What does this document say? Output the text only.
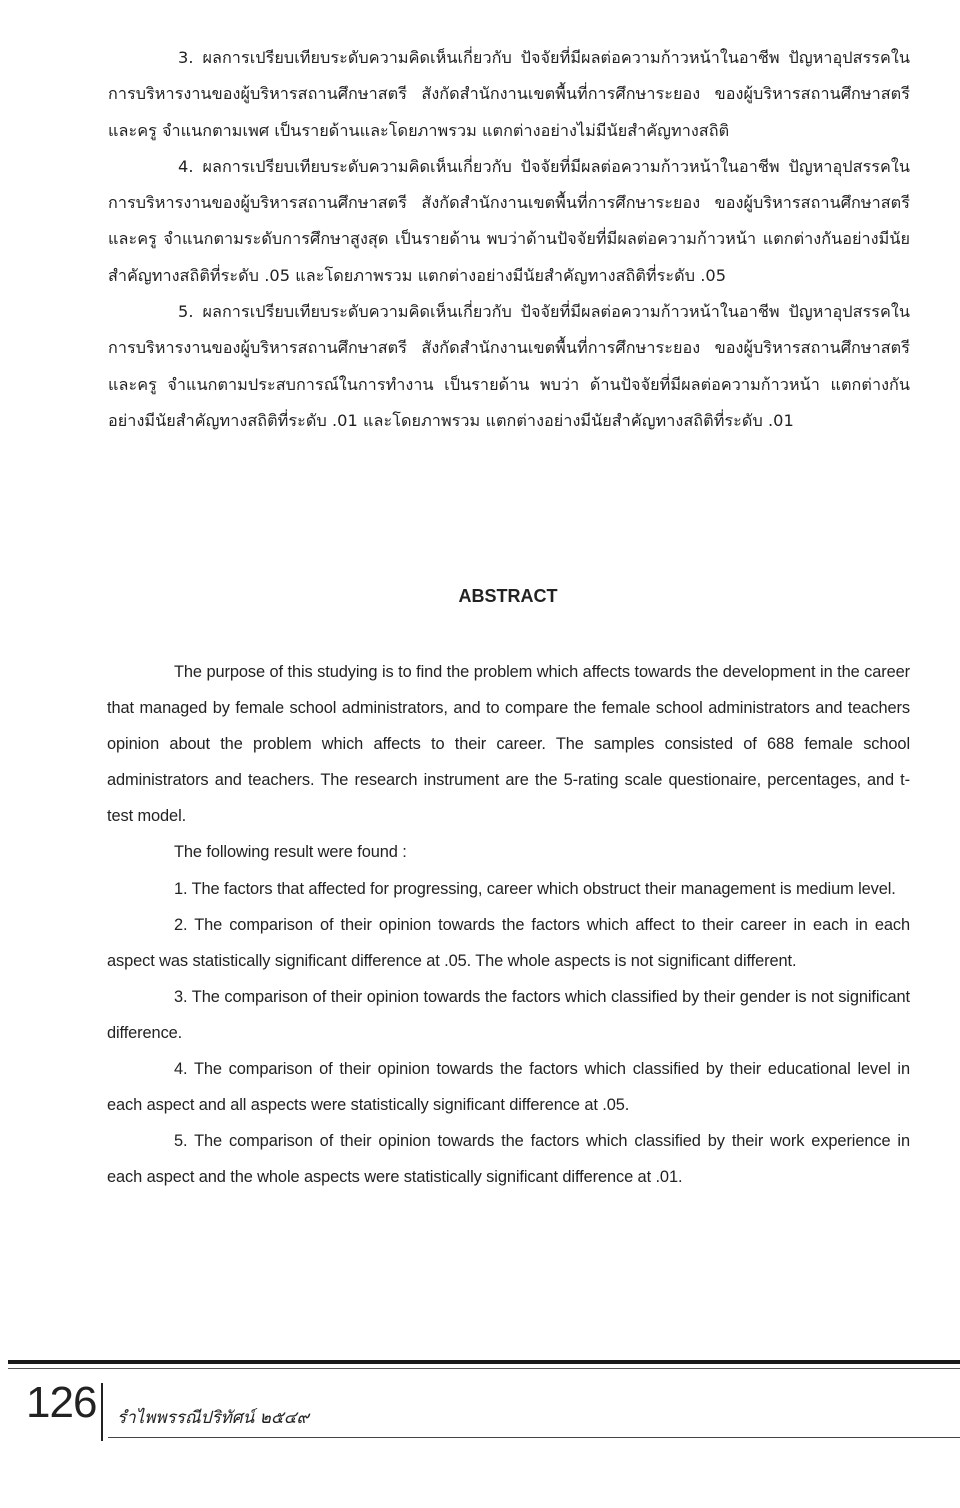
3. ผลการเปรียบเทียบระดับความคิดเห็นเกี่ยวกับ ปัจจัยที่มีผลต่อความก้าวหน้าในอาชีพ ปัญหาอุปสรรคในการบริหารงานของผู้บริหารสถานศึกษาสตรี สังกัดสำนักงานเขตพื้นที่การศึกษาระยอง ของผู้บริหารสถานศึกษาสตรีและครู จำแนกตามเพศ เป็นรายด้านและโดยภาพรวม แตกต่างอย่างไม่มีนัยสำคัญทางสถิติ

4. ผลการเปรียบเทียบระดับความคิดเห็นเกี่ยวกับ ปัจจัยที่มีผลต่อความก้าวหน้าในอาชีพ ปัญหาอุปสรรคในการบริหารงานของผู้บริหารสถานศึกษาสตรี สังกัดสำนักงานเขตพื้นที่การศึกษาระยอง ของผู้บริหารสถานศึกษาสตรี และครู จำแนกตามระดับการศึกษาสูงสุด เป็นรายด้าน พบว่าด้านปัจจัยที่มีผลต่อความก้าวหน้า แตกต่างกันอย่างมีนัยสำคัญทางสถิติที่ระดับ .05 และโดยภาพรวม แตกต่างอย่างมีนัยสำคัญทางสถิติที่ระดับ .05

5. ผลการเปรียบเทียบระดับความคิดเห็นเกี่ยวกับ ปัจจัยที่มีผลต่อความก้าวหน้าในอาชีพ ปัญหาอุปสรรคในการบริหารงานของผู้บริหารสถานศึกษาสตรี สังกัดสำนักงานเขตพื้นที่การศึกษาระยอง ของผู้บริหารสถานศึกษาสตรี และครู จำแนกตามประสบการณ์ในการทำงาน เป็นรายด้าน พบว่า ด้านปัจจัยที่มีผลต่อความก้าวหน้า แตกต่างกันอย่างมีนัยสำคัญทางสถิติที่ระดับ .01 และโดยภาพรวม แตกต่างอย่างมีนัยสำคัญทางสถิติที่ระดับ .01

ABSTRACT

The purpose of this studying is to find the problem which affects towards the development in the career that managed by female school administrators, and to compare the female school administrators and teachers opinion about the problem which affects to their career. The samples consisted of 688 female school administrators and teachers. The research instrument are the 5-rating scale questionaire, percentages, and t-test model.

The following result were found :

1. The factors that affected for progressing, career which obstruct their management is medium level.

2. The comparison of their opinion towards the factors which affect to their career in each in each aspect was statistically significant difference at .05. The whole aspects is not significant different.

3. The comparison of their opinion towards the factors which classified by their gender is not significant difference.

4. The comparison of their opinion towards the factors which classified by their educational level in each aspect and all aspects were statistically significant difference at .05.

5. The comparison of their opinion towards the factors which classified by their work experience in each aspect and the whole aspects were statistically significant difference at .01.

126 รำไพพรรณีปริทัศน์ ๒๕๔๙
